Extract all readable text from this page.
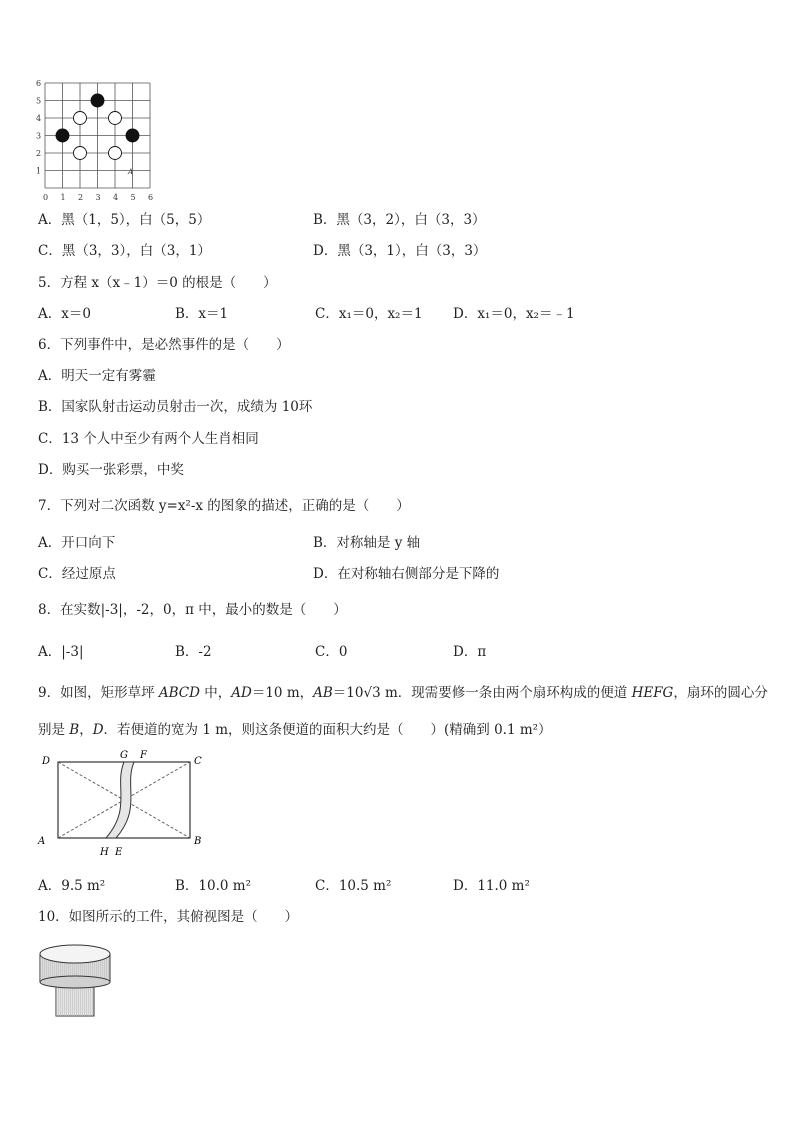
6
5
4
3
2
1
0 1 2 3 4 5 6
A
A．黑（1，5），白（5，5）	B．黑（3，2），白（3，3）
C．黑（3，3），白（3，1）	D．黑（3，1），白（3，3）
5．方程 x（x﹣1）＝0 的根是（　　）
A．x＝0	B．x＝1	C．x₁＝0，x₂＝1 D．x₁＝0，x₂＝﹣1
6．下列事件中，是必然事件的是（　　）
A．明天一定有雾霾
B．国家队射击运动员射击一次，成绩为 10环
C．13 个人中至少有两个人生肖相同
D．购买一张彩票，中奖
7．下列对二次函数 y=x²-x 的图象的描述，正确的是（　　）
A．开口向下	B．对称轴是 y 轴
C．经过原点	D．在对称轴右侧部分是下降的
8．在实数|-3|，-2，0，π 中，最小的数是（　　）
A．|-3|	B．-2	C．0	D．π
9．如图，矩形草坪 ABCD 中，AD＝10 m，AB＝10√3 m．现需要修一条由两个扇环构成的便道 HEFG，扇环的圆心分
别是 B，D．若便道的宽为 1 m，则这条便道的面积大约是（　　）(精确到 0.1 m²）
D	C
A	B
G F
H E
A．9.5 m²	B．10.0 m²	C．10.5 m²	D．11.0 m²
10．如图所示的工件，其俯视图是（　　）
